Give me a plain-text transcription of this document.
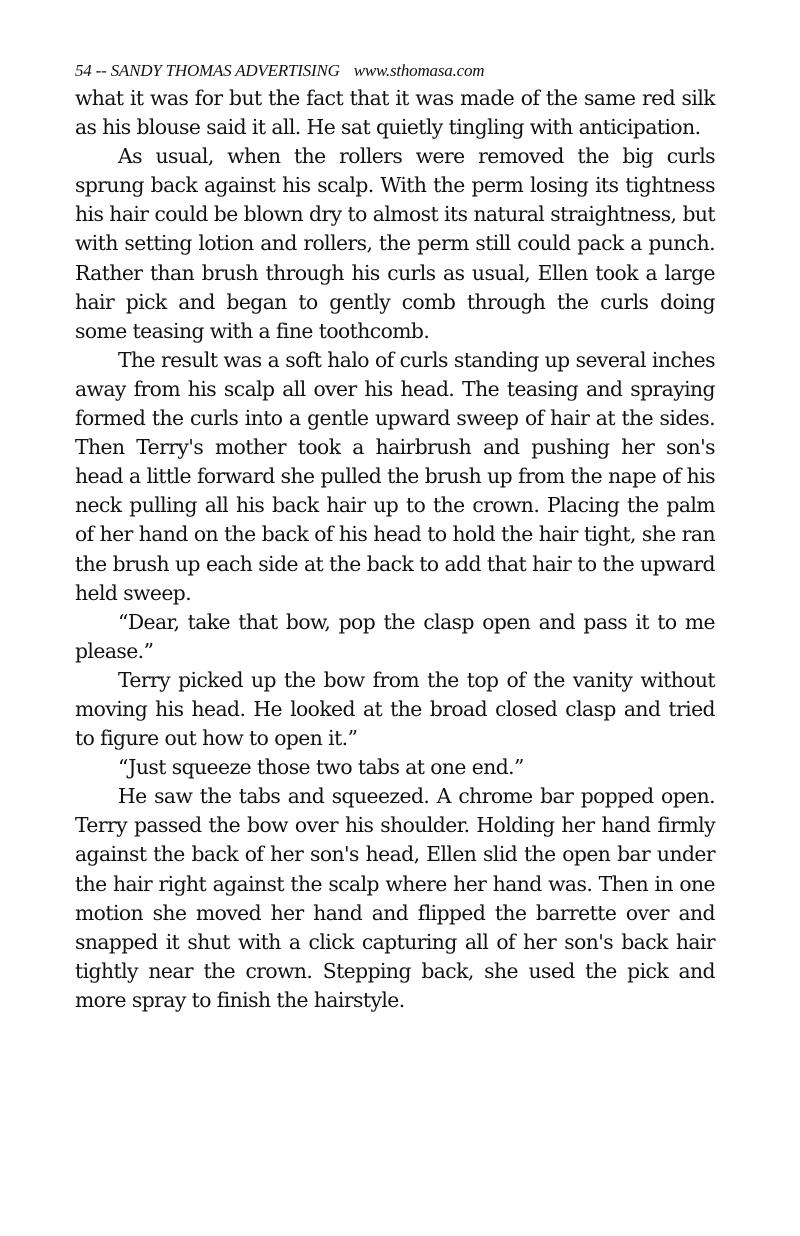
54 -- SANDY THOMAS ADVERTISING www.sthomasa.com

what it was for but the fact that it was made of the same red silk as his blouse said it all. He sat quietly tingling with anticipation.

As usual, when the rollers were removed the big curls sprung back against his scalp. With the perm losing its tightness his hair could be blown dry to almost its natural straightness, but with setting lotion and rollers, the perm still could pack a punch. Rather than brush through his curls as usual, Ellen took a large hair pick and began to gently comb through the curls doing some teasing with a fine toothcomb.

The result was a soft halo of curls standing up several inches away from his scalp all over his head. The teasing and spraying formed the curls into a gentle upward sweep of hair at the sides. Then Terry's mother took a hairbrush and pushing her son's head a little forward she pulled the brush up from the nape of his neck pulling all his back hair up to the crown. Placing the palm of her hand on the back of his head to hold the hair tight, she ran the brush up each side at the back to add that hair to the upward held sweep.

“Dear, take that bow, pop the clasp open and pass it to me please.”

Terry picked up the bow from the top of the vanity without moving his head. He looked at the broad closed clasp and tried to figure out how to open it.”

“Just squeeze those two tabs at one end.”

He saw the tabs and squeezed. A chrome bar popped open. Terry passed the bow over his shoulder. Holding her hand firmly against the back of her son's head, Ellen slid the open bar under the hair right against the scalp where her hand was. Then in one motion she moved her hand and flipped the barrette over and snapped it shut with a click capturing all of her son's back hair tightly near the crown. Stepping back, she used the pick and more spray to finish the hairstyle.
